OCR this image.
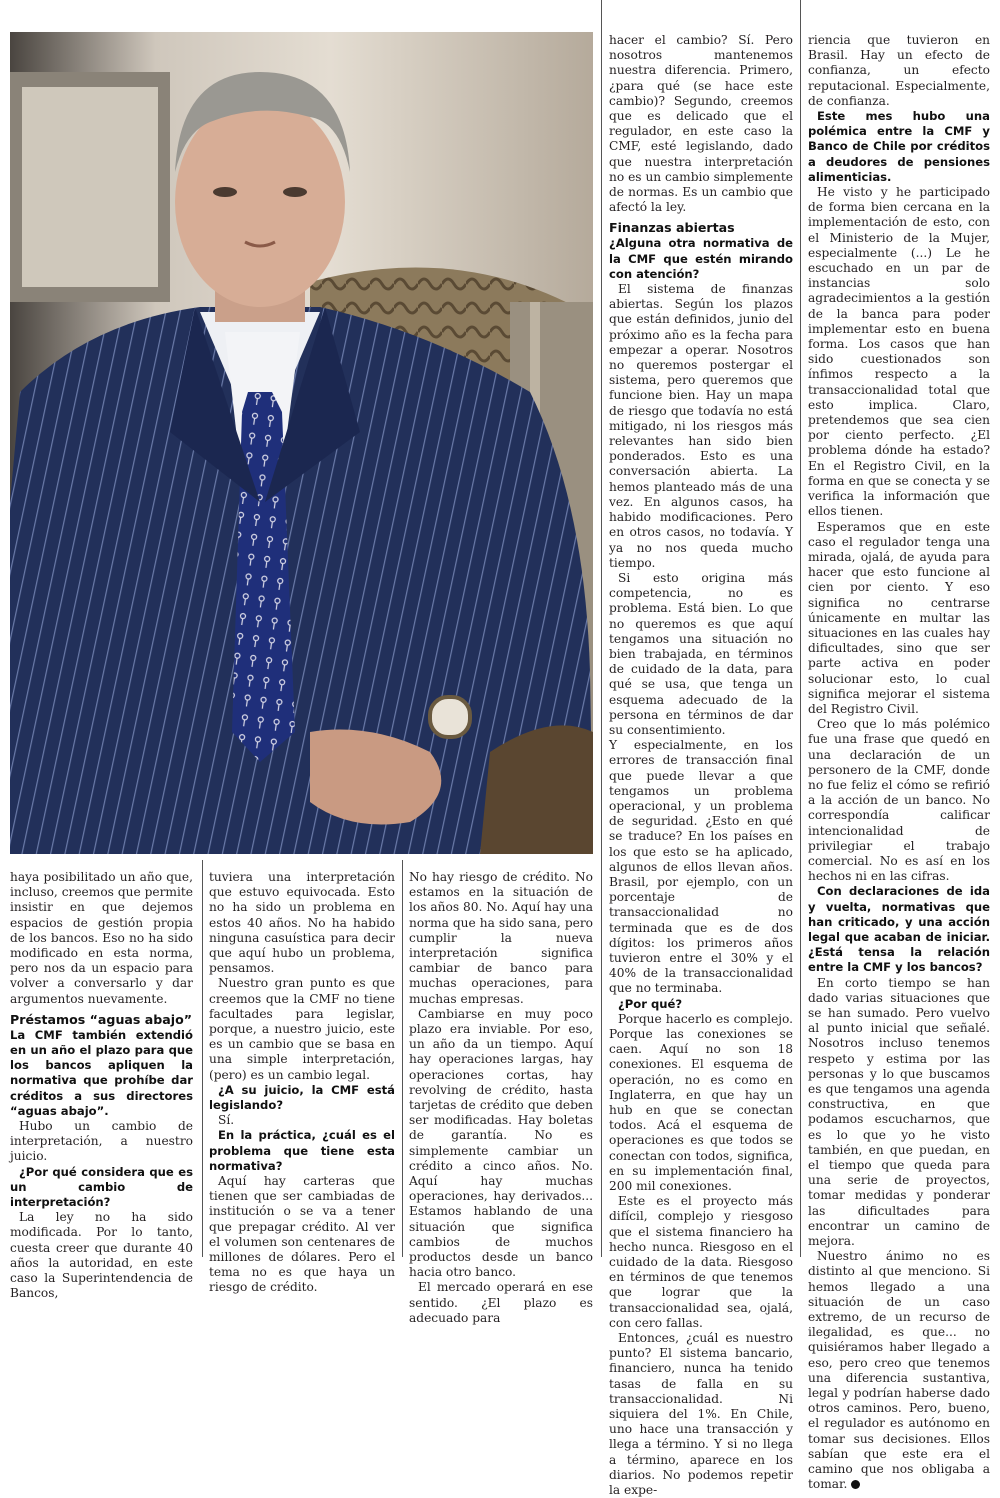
hacer el cambio? Sí. Pero nosotros mantenemos nuestra diferencia. Primero, ¿para qué (se hace este cambio)? Segundo, creemos que es delicado que el regulador, en este caso la CMF, esté legislando, dado que nuestra interpretación no es un cambio simplemente de normas. Es un cambio que afectó la ley.

Finanzas abiertas

¿Alguna otra normativa de la CMF que estén mirando con atención?

El sistema de finanzas abiertas. Según los plazos que están definidos, junio del próximo año es la fecha para empezar a operar. Nosotros no queremos postergar el sistema, pero queremos que funcione bien. Hay un mapa de riesgo que todavía no está mitigado, ni los riesgos más relevantes han sido bien ponderados. Esto es una conversación abierta. La hemos planteado más de una vez. En algunos casos, ha habido modificaciones. Pero en otros casos, no todavía. Y ya no nos queda mucho tiempo.

Si esto origina más competencia, no es problema. Está bien. Lo que no queremos es que aquí tengamos una situación no bien trabajada, en términos de cuidado de la data, para qué se usa, que tenga un esquema adecuado de la persona en términos de dar su consentimiento.

Y especialmente, en los errores de transacción final que puede llevar a que tengamos un problema operacional, y un problema de seguridad. ¿Esto en qué se traduce? En los países en los que esto se ha aplicado, algunos de ellos llevan años. Brasil, por ejemplo, con un porcentaje de transaccionalidad no terminada que es de dos dígitos: los primeros años tuvieron entre el 30% y el 40% de la transaccionalidad que no terminaba.

¿Por qué?

Porque hacerlo es complejo. Porque las conexiones se caen. Aquí no son 18 conexiones. El esquema de operación, no es como en Inglaterra, en que hay un hub en que se conectan todos. Acá el esquema de operaciones es que todos se conectan con todos, significa, en su implementación final, 200 mil conexiones.

Este es el proyecto más difícil, complejo y riesgoso que el sistema financiero ha hecho nunca. Riesgoso en el cuidado de la data. Riesgoso en términos de que tenemos que lograr que la transaccionalidad sea, ojalá, con cero fallas.

Entonces, ¿cuál es nuestro punto? El sistema bancario, financiero, nunca ha tenido tasas de falla en su transaccionalidad. Ni siquiera del 1%. En Chile, uno hace una transacción y llega a término. Y si no llega a término, aparece en los diarios. No podemos repetir la expe-

riencia que tuvieron en Brasil. Hay un efecto de confianza, un efecto reputacional. Especialmente, de confianza.

Este mes hubo una polémica entre la CMF y Banco de Chile por créditos a deudores de pensiones alimenticias.

He visto y he participado de forma bien cercana en la implementación de esto, con el Ministerio de la Mujer, especialmente (...) Le he escuchado en un par de instancias solo agradecimientos a la gestión de la banca para poder implementar esto en buena forma. Los casos que han sido cuestionados son ínfimos respecto a la transaccionalidad total que esto implica. Claro, pretendemos que sea cien por ciento perfecto. ¿El problema dónde ha estado? En el Registro Civil, en la forma en que se conecta y se verifica la información que ellos tienen.

Esperamos que en este caso el regulador tenga una mirada, ojalá, de ayuda para hacer que esto funcione al cien por ciento. Y eso significa no centrarse únicamente en multar las situaciones en las cuales hay dificultades, sino que ser parte activa en poder solucionar esto, lo cual significa mejorar el sistema del Registro Civil.

Creo que lo más polémico fue una frase que quedó en una declaración de un personero de la CMF, donde no fue feliz el cómo se refirió a la acción de un banco. No correspondía calificar intencionalidad de privilegiar el trabajo comercial. No es así en los hechos ni en las cifras.

Con declaraciones de ida y vuelta, normativas que han criticado, y una acción legal que acaban de iniciar. ¿Está tensa la relación entre la CMF y los bancos?

En corto tiempo se han dado varias situaciones que se han sumado. Pero vuelvo al punto inicial que señalé. Nosotros incluso tenemos respeto y estima por las personas y lo que buscamos es que tengamos una agenda constructiva, en que podamos escucharnos, que es lo que yo he visto también, en que puedan, en el tiempo que queda para una serie de proyectos, tomar medidas y ponderar las dificultades para encontrar un camino de mejora.

Nuestro ánimo no es distinto al que menciono. Si hemos llegado a una situación de un caso extremo, de un recurso de ilegalidad, es que... no quisiéramos haber llegado a eso, pero creo que tenemos una diferencia sustantiva, legal y podrían haberse dado otros caminos. Pero, bueno, el regulador es autónomo en tomar sus decisiones. Ellos sabían que este era el camino que nos obligaba a tomar. P

haya posibilitado un año que, incluso, creemos que permite insistir en que dejemos espacios de gestión propia de los bancos. Eso no ha sido modificado en esta norma, pero nos da un espacio para volver a conversarlo y dar argumentos nuevamente.

Préstamos “aguas abajo”

La CMF también extendió en un año el plazo para que los bancos apliquen la normativa que prohíbe dar créditos a sus directores “aguas abajo”.

Hubo un cambio de interpretación, a nuestro juicio.

¿Por qué considera que es un cambio de interpretación?

La ley no ha sido modificada. Por lo tanto, cuesta creer que durante 40 años la autoridad, en este caso la Superintendencia de Bancos,

tuviera una interpretación que estuvo equivocada. Esto no ha sido un problema en estos 40 años. No ha habido ninguna casuística para decir que aquí hubo un problema, pensamos.

Nuestro gran punto es que creemos que la CMF no tiene facultades para legislar, porque, a nuestro juicio, este es un cambio que se basa en una simple interpretación, (pero) es un cambio legal.

¿A su juicio, la CMF está legislando?

Sí.

En la práctica, ¿cuál es el problema que tiene esta normativa?

Aquí hay carteras que tienen que ser cambiadas de institución o se va a tener que prepagar crédito. Al ver el volumen son centenares de millones de dólares. Pero el tema no es que haya un riesgo de crédito.

No hay riesgo de crédito. No estamos en la situación de los años 80. No. Aquí hay una norma que ha sido sana, pero cumplir la nueva interpretación significa cambiar de banco para muchas operaciones, para muchas empresas.

Cambiarse en muy poco plazo era inviable. Por eso, un año da un tiempo. Aquí hay operaciones largas, hay operaciones cortas, hay revolving de crédito, hasta tarjetas de crédito que deben ser modificadas. Hay boletas de garantía. No es simplemente cambiar un crédito a cinco años. No. Aquí hay muchas operaciones, hay derivados... Estamos hablando de una situación que significa cambios de muchos productos desde un banco hacia otro banco.

El mercado operará en ese sentido. ¿El plazo es adecuado para
